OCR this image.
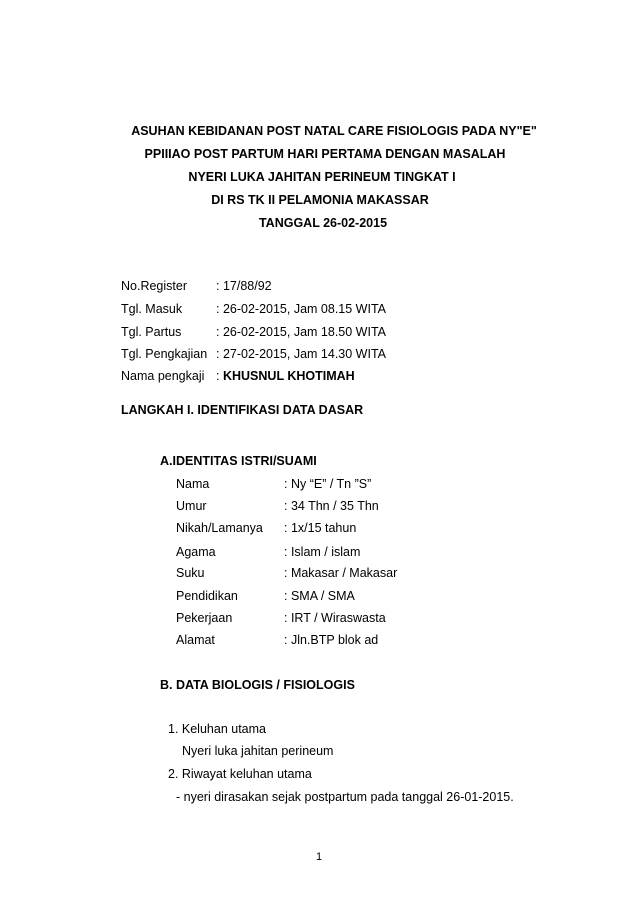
ASUHAN KEBIDANAN POST NATAL CARE FISIOLOGIS PADA NY"E"
PPIIIAO POST PARTUM HARI PERTAMA DENGAN MASALAH
NYERI LUKA JAHITAN PERINEUM TINGKAT I
DI RS TK II PELAMONIA MAKASSAR
TANGGAL 26-02-2015
No.Register : 17/88/92
Tgl. Masuk	: 26-02-2015, Jam 08.15 WITA
Tgl. Partus	: 26-02-2015, Jam 18.50 WITA
Tgl. Pengkajian : 27-02-2015, Jam 14.30 WITA
Nama pengkaji : KHUSNUL KHOTIMAH
LANGKAH I. IDENTIFIKASI DATA DASAR
A.IDENTITAS ISTRI/SUAMI
Nama	: Ny “E” / Tn ”S”
Umur	: 34 Thn / 35 Thn
Nikah/Lamanya: 1x/15 tahun
Agama	: Islam / islam
Suku	: Makasar / Makasar
Pendidikan	: SMA / SMA
Pekerjaan	: IRT / Wiraswasta
Alamat	: Jln.BTP blok ad
B. DATA BIOLOGIS / FISIOLOGIS
1. Keluhan utama
Nyeri luka jahitan perineum
2. Riwayat keluhan utama
- nyeri dirasakan sejak postpartum pada tanggal 26-01-2015.
1
